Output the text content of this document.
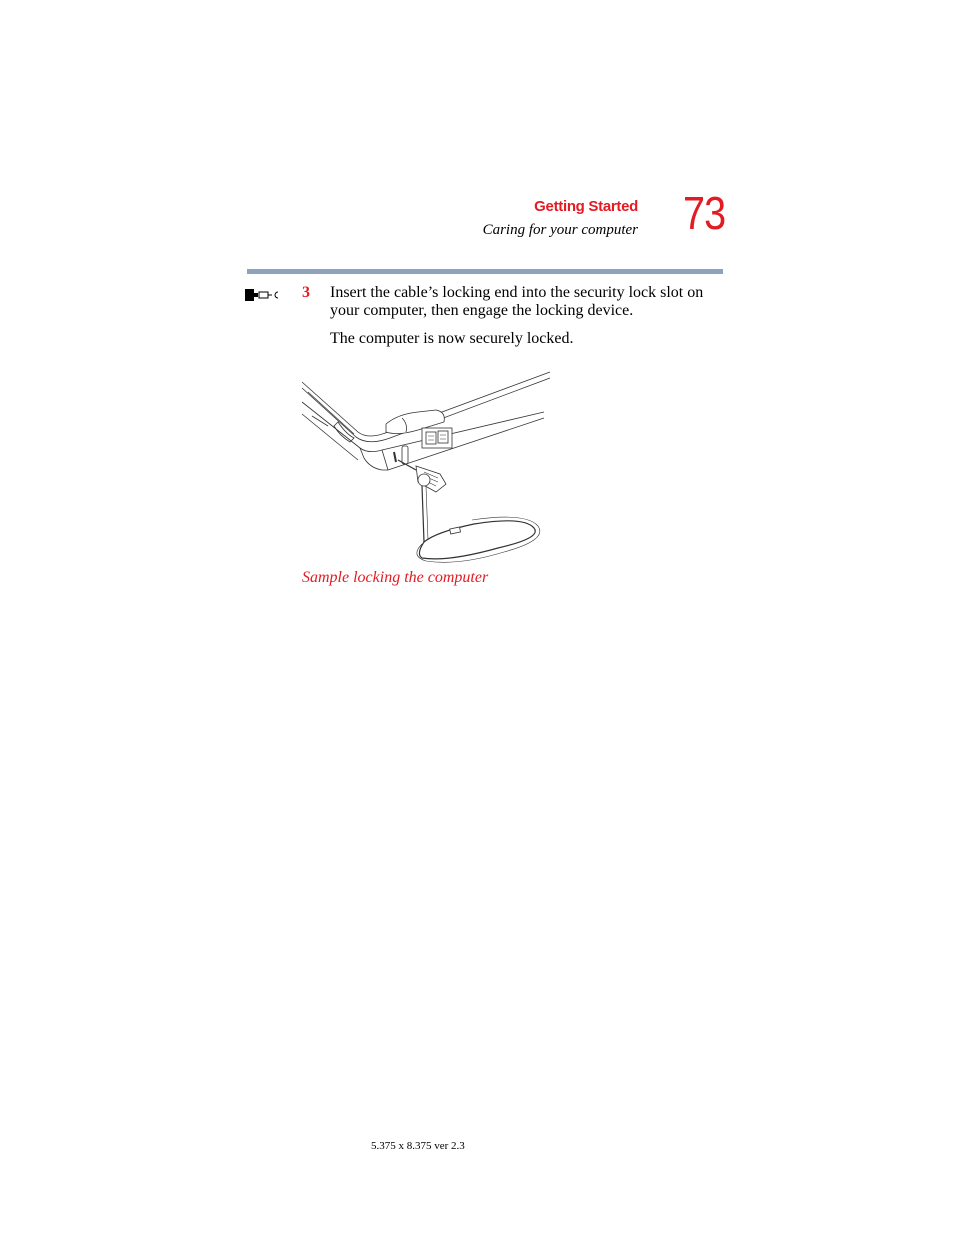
Getting Started
Caring for your computer 73
3 Insert the cable’s locking end into the security lock slot on your computer, then engage the locking device.
The computer is now securely locked.
Sample locking the computer
5.375 x 8.375 ver 2.3
